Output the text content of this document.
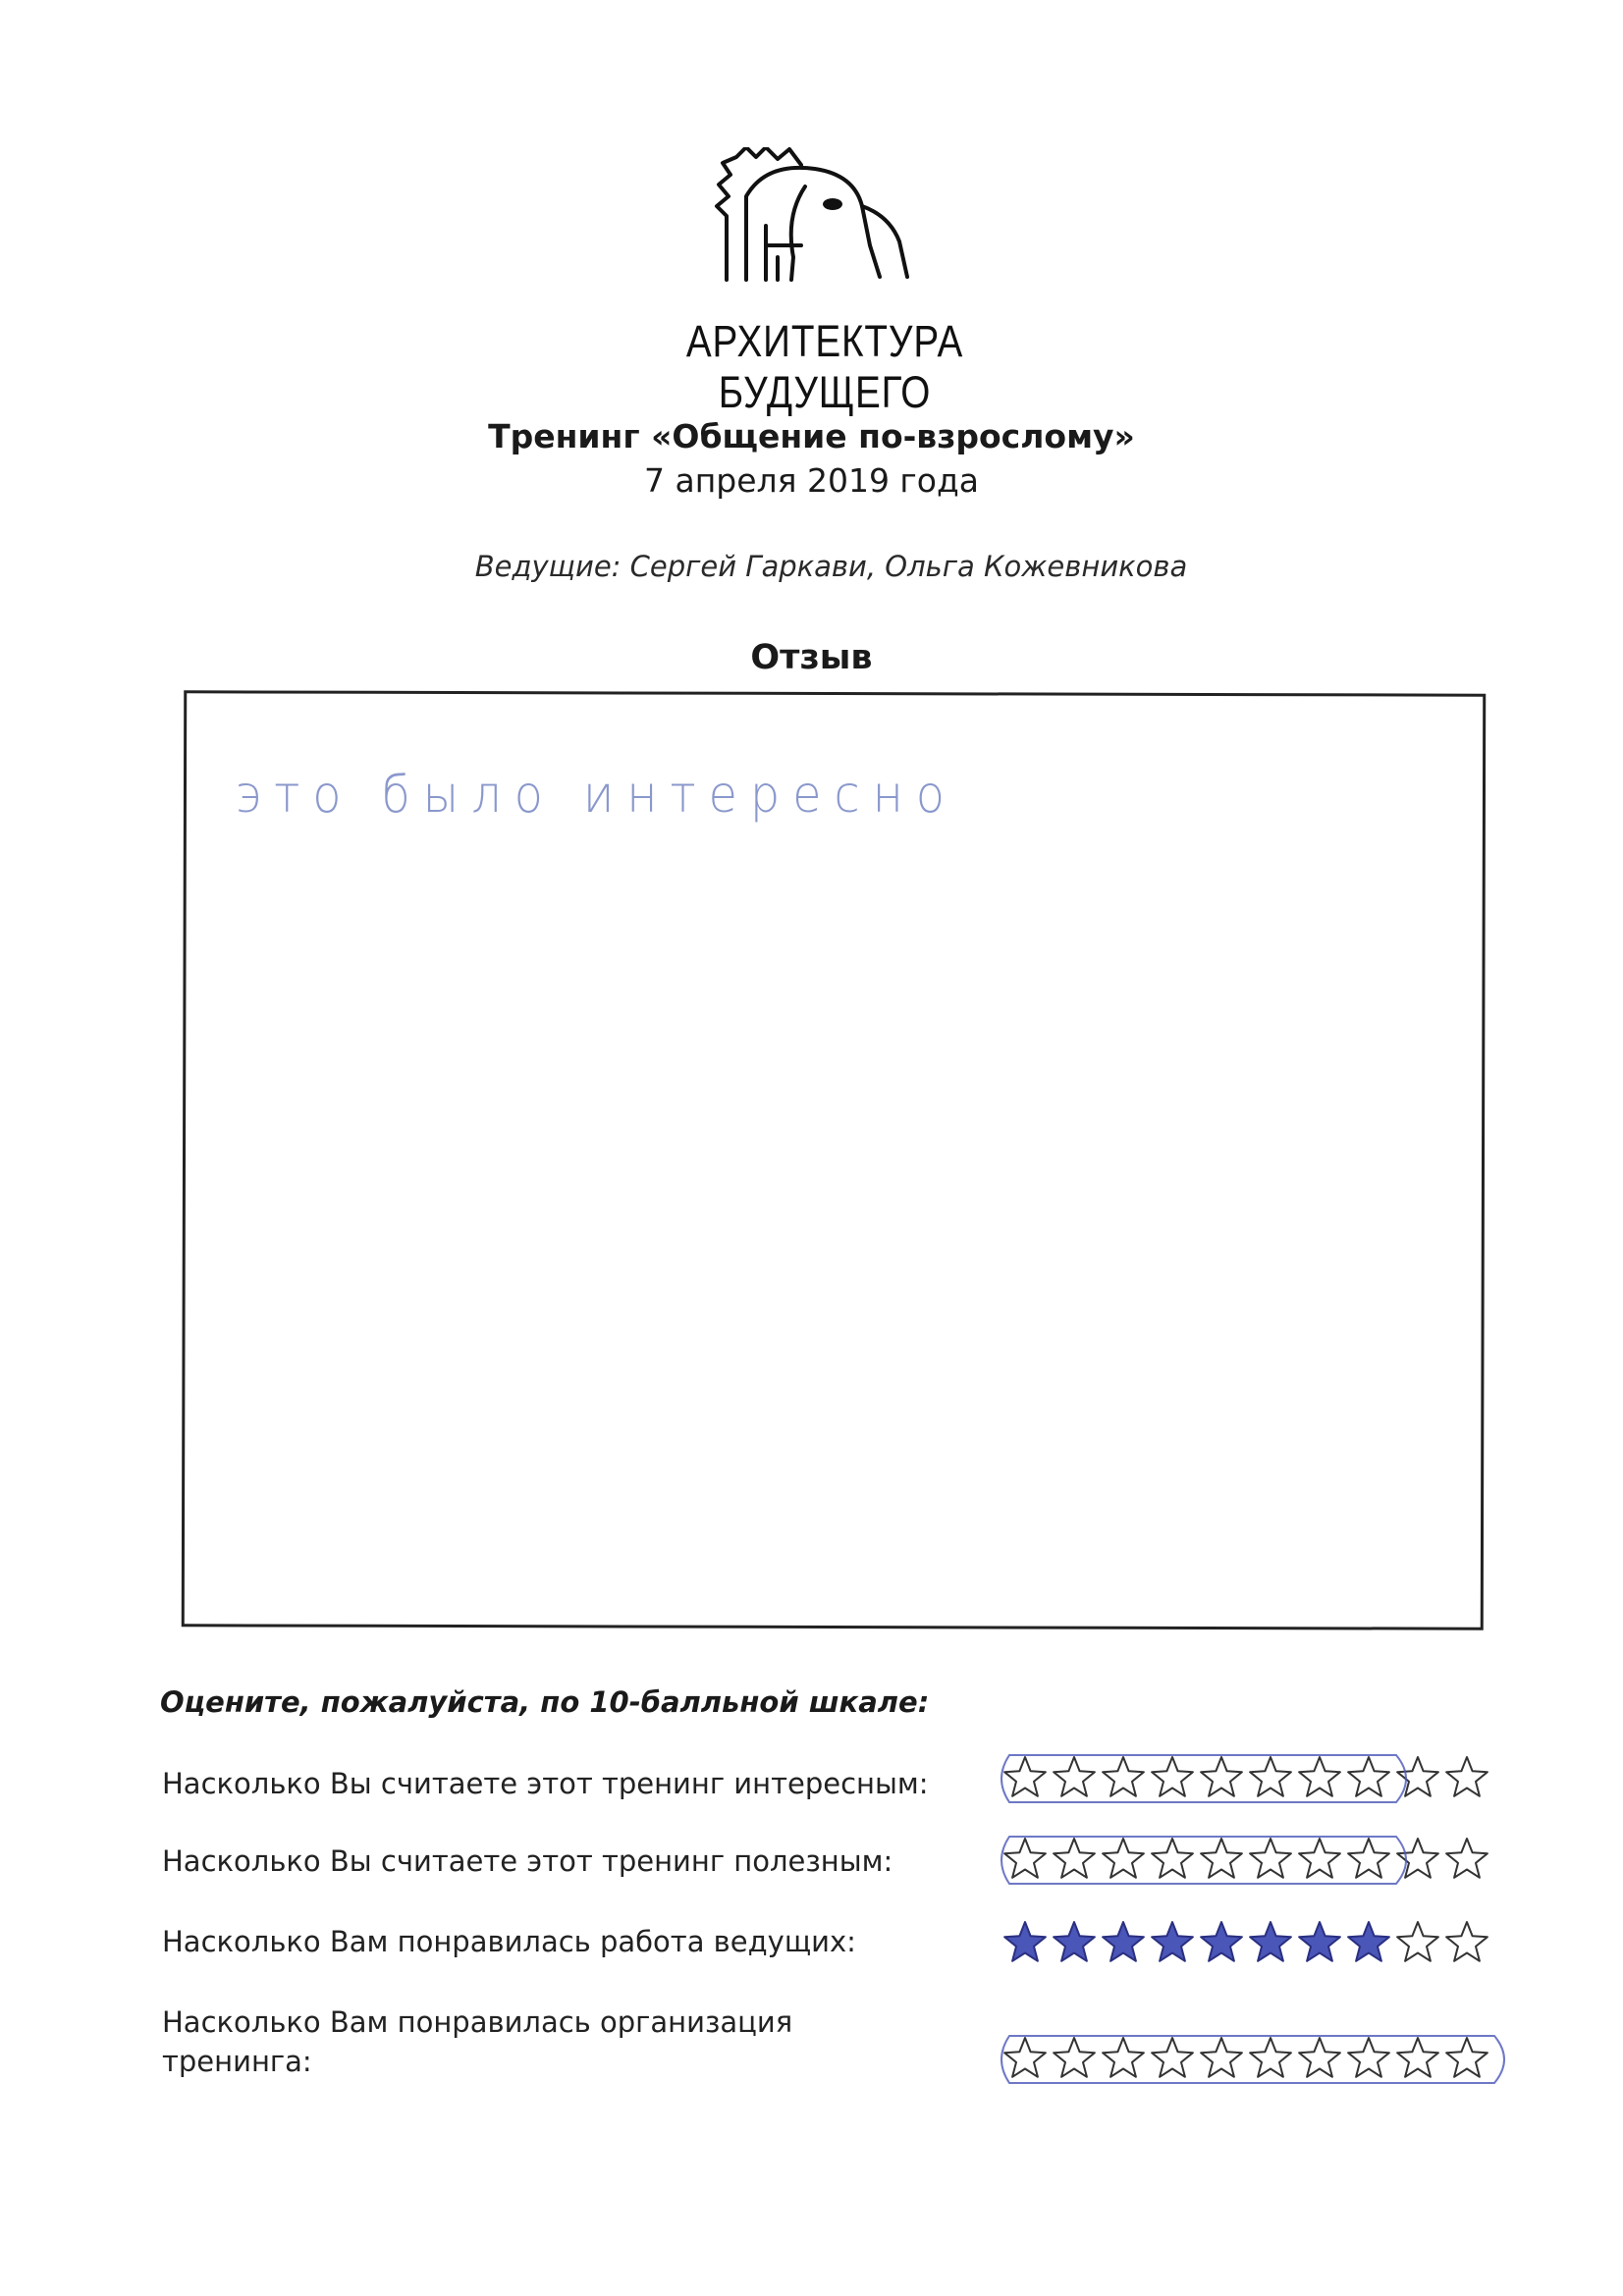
АРХИТЕКТУРА БУДУЩЕГО
Тренинг «Общение по-взрослому»
7 апреля 2019 года
Ведущие: Сергей Гаркави, Ольга Кожевникова
Отзыв
это было интересно
Оцените, пожалуйста, по 10-балльной шкале:
Насколько Вы считаете этот тренинг интересным:
Насколько Вы считаете этот тренинг полезным:
Насколько Вам понравилась работа ведущих:
Насколько Вам понравилась организация тренинга:
